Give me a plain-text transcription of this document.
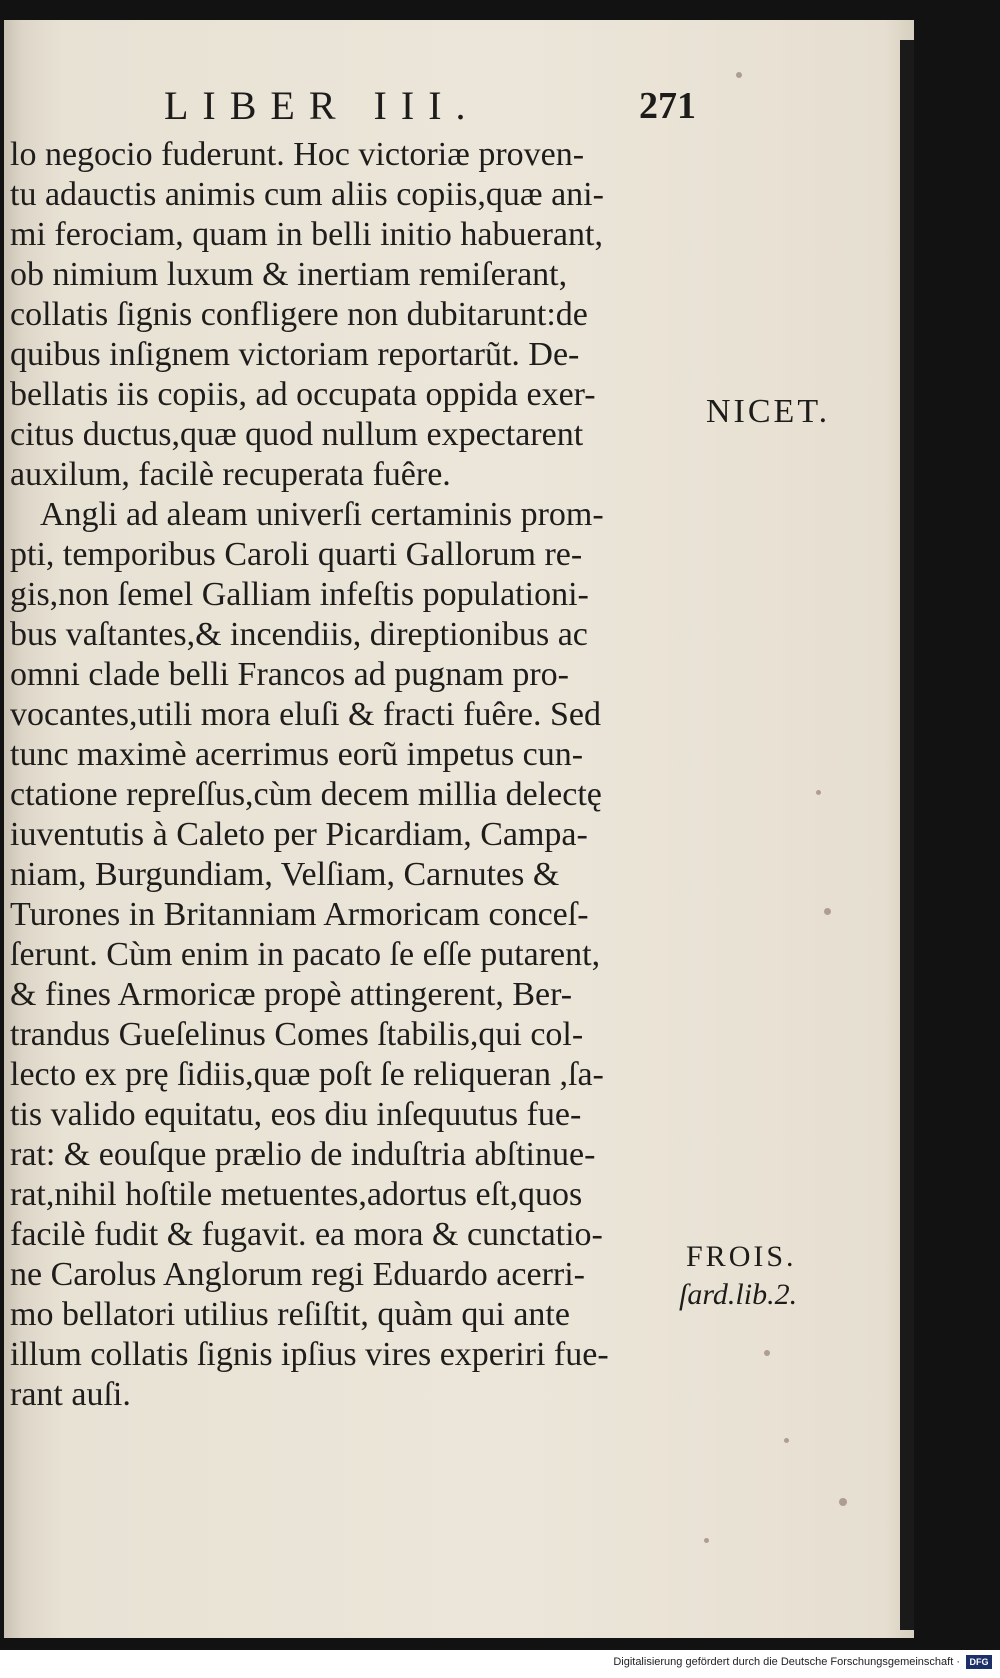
LIBER III.	271
lo negocio fuderunt. Hoc victoriæ proven-
tu adauctis animis cum aliis copiis,quæ ani-
mi ferociam, quam in belli initio habuerant,
ob nimium luxum & inertiam remiſerant,
collatis ſignis confligere non dubitarunt:de
quibus inſignem victoriam reportarũt. De-
bellatis iis copiis, ad occupata oppida exer-
citus ductus,quæ quod nullum expectarent
auxilum, facilè recuperata fuêre.
Angli ad aleam univerſi certaminis prom-
pti, temporibus Caroli quarti Gallorum re-
gis,non ſemel Galliam infeſtis populationi-
bus vaſtantes,& incendiis, direptionibus ac
omni clade belli Francos ad pugnam pro-
vocantes,utili mora eluſi & fracti fuêre. Sed
tunc maximè acerrimus eorũ impetus cun-
ctatione repreſſus,cùm decem millia delectę
iuventutis à Caleto per Picardiam, Campa-
niam, Burgundiam, Velſiam, Carnutes &
Turones in Britanniam Armoricam conceſ-
ſerunt. Cùm enim in pacato ſe eſſe putarent,
& fines Armoricæ propè attingerent, Ber-
trandus Gueſelinus Comes ſtabilis,qui col-
lecto ex prę ſidiis,quæ poſt ſe reliqueran ,ſa-
tis valido equitatu, eos diu inſequutus fue-
rat: & eouſque prælio de induſtria abſtinue-
rat,nihil hoſtile metuentes,adortus eſt,quos
facilè fudit & fugavit. ea mora & cunctatio-
ne Carolus Anglorum regi Eduardo acerri-
mo bellatori utilius reſiſtit, quàm qui ante
illum collatis ſignis ipſius vires experiri fue-
rant auſi.
NICET.
FROIS.
ſard.lib.2.
Digitalisierung gefördert durch die Deutsche Forschungsgemeinschaft ·	DFG
